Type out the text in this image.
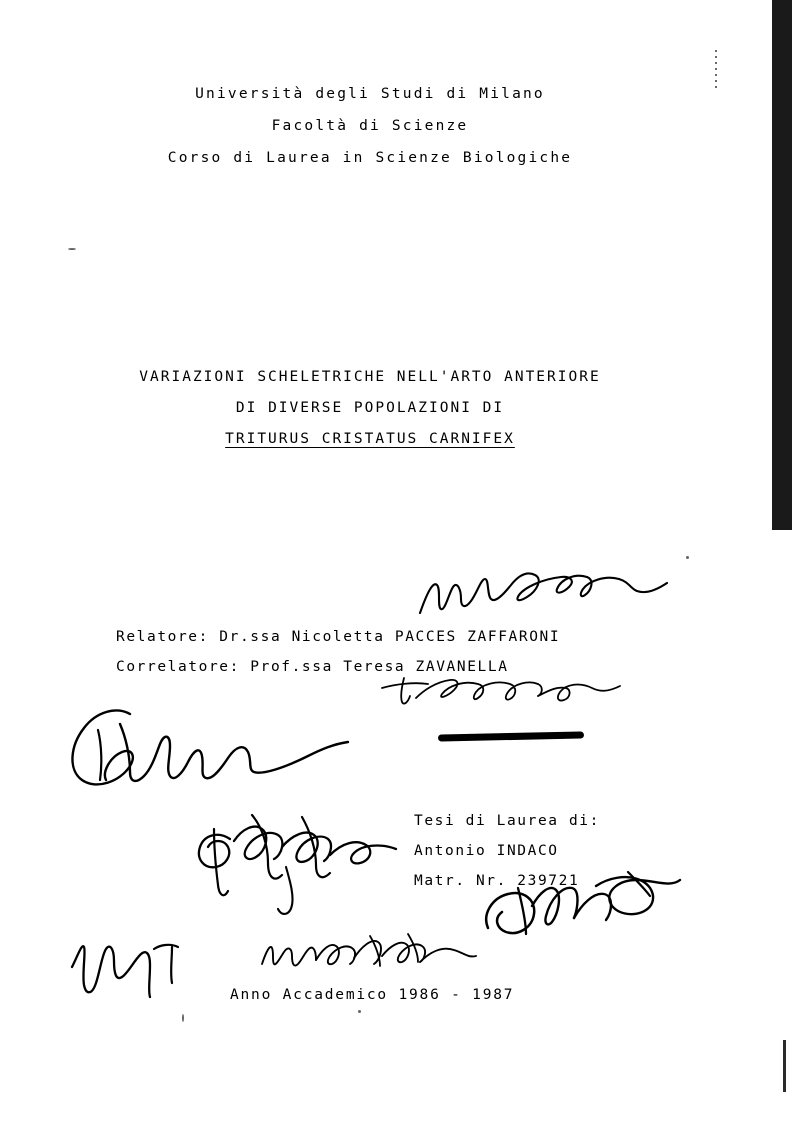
Università degli Studi di Milano
Facoltà di Scienze
Corso di Laurea in Scienze Biologiche
VARIAZIONI SCHELETRICHE NELL'ARTO ANTERIORE
DI DIVERSE POPOLAZIONI DI
TRITURUS CRISTATUS CARNIFEX
Relatore: Dr.ssa Nicoletta PACCES ZAFFARONI
Correlatore: Prof.ssa Teresa ZAVANELLA
Tesi di Laurea di:
Antonio INDACO
Matr. Nr. 239721
Anno Accademico 1986 - 1987
